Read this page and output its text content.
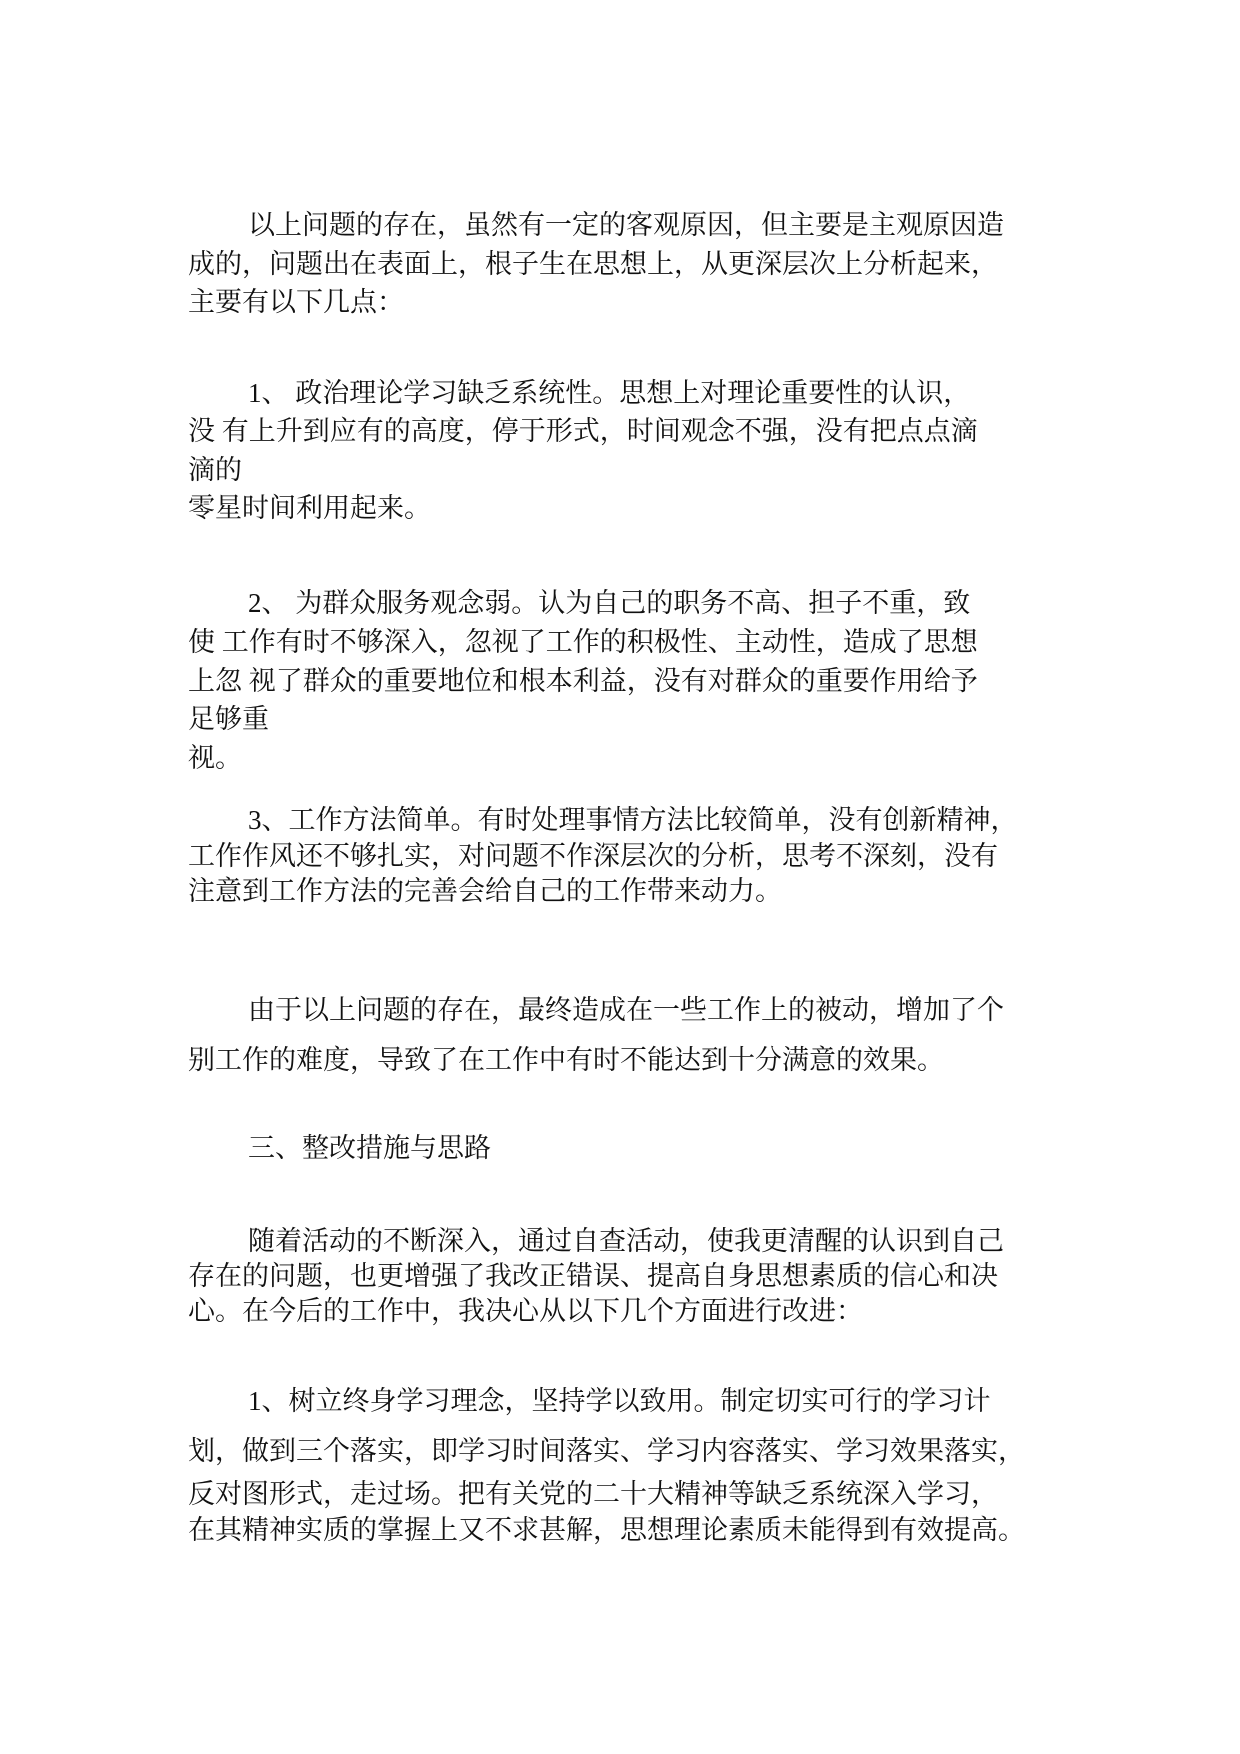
以上问题的存在，虽然有一定的客观原因，但主要是主观原因造
成的，问题出在表面上，根子生在思想上，从更深层次上分析起来，
主要有以下几点：
1、 政治理论学习缺乏系统性。思想上对理论重要性的认识，
没 有上升到应有的高度，停于形式，时间观念不强，没有把点点滴
滴的
零星时间利用起来。
2、 为群众服务观念弱。认为自己的职务不高、担子不重，致
使 工作有时不够深入，忽视了工作的积极性、主动性，造成了思想
上忽 视了群众的重要地位和根本利益，没有对群众的重要作用给予
足够重
视。
3、工作方法简单。有时处理事情方法比较简单，没有创新精神，
工作作风还不够扎实，对问题不作深层次的分析，思考不深刻，没有
注意到工作方法的完善会给自己的工作带来动力。
由于以上问题的存在，最终造成在一些工作上的被动，增加了个
别工作的难度，导致了在工作中有时不能达到十分满意的效果。
三、整改措施与思路
随着活动的不断深入，通过自查活动，使我更清醒的认识到自己
存在的问题，也更增强了我改正错误、提高自身思想素质的信心和决
心。在今后的工作中，我决心从以下几个方面进行改进：
1、树立终身学习理念，坚持学以致用。制定切实可行的学习计
划，做到三个落实，即学习时间落实、学习内容落实、学习效果落实，
反对图形式，走过场。把有关党的二十大精神等缺乏系统深入学习，
在其精神实质的掌握上又不求甚解，思想理论素质未能得到有效提高。
